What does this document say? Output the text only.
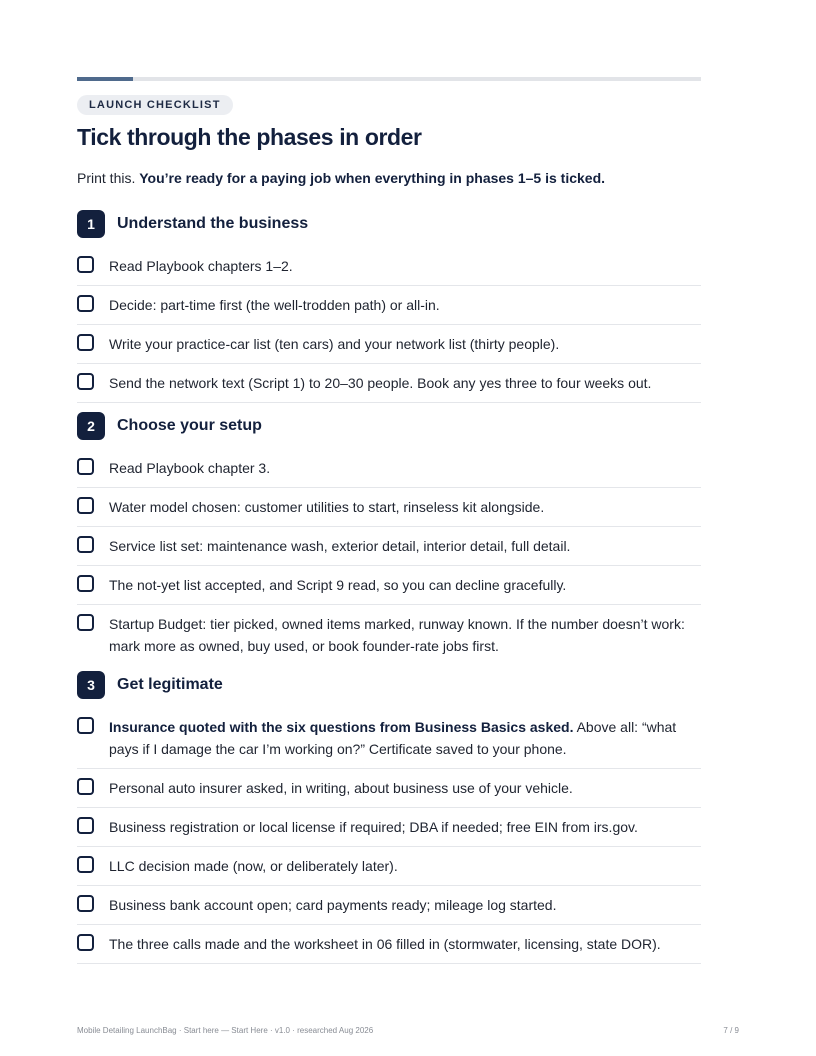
LAUNCH CHECKLIST
Tick through the phases in order

Print this. You’re ready for a paying job when everything in phases 1–5 is ticked.

1	Understand the business
Read Playbook chapters 1–2.
Decide: part-time first (the well-trodden path) or all-in.
Write your practice-car list (ten cars) and your network list (thirty people).
Send the network text (Script 1) to 20–30 people. Book any yes three to four weeks out.
2	Choose your setup
Read Playbook chapter 3.
Water model chosen: customer utilities to start, rinseless kit alongside.
Service list set: maintenance wash, exterior detail, interior detail, full detail.
The not-yet list accepted, and Script 9 read, so you can decline gracefully.
Startup Budget: tier picked, owned items marked, runway known. If the number doesn’t work: mark more as owned, buy used, or book founder-rate jobs first.
3	Get legitimate
Insurance quoted with the six questions from Business Basics asked. Above all: “what pays if I damage the car I’m working on?” Certificate saved to your phone.
Personal auto insurer asked, in writing, about business use of your vehicle.
Business registration or local license if required; DBA if needed; free EIN from irs.gov.
LLC decision made (now, or deliberately later).
Business bank account open; card payments ready; mileage log started.
The three calls made and the worksheet in 06 filled in (stormwater, licensing, state DOR).
Mobile Detailing LaunchBag · Start here — Start Here · v1.0 · researched Aug 2026	7 / 9
